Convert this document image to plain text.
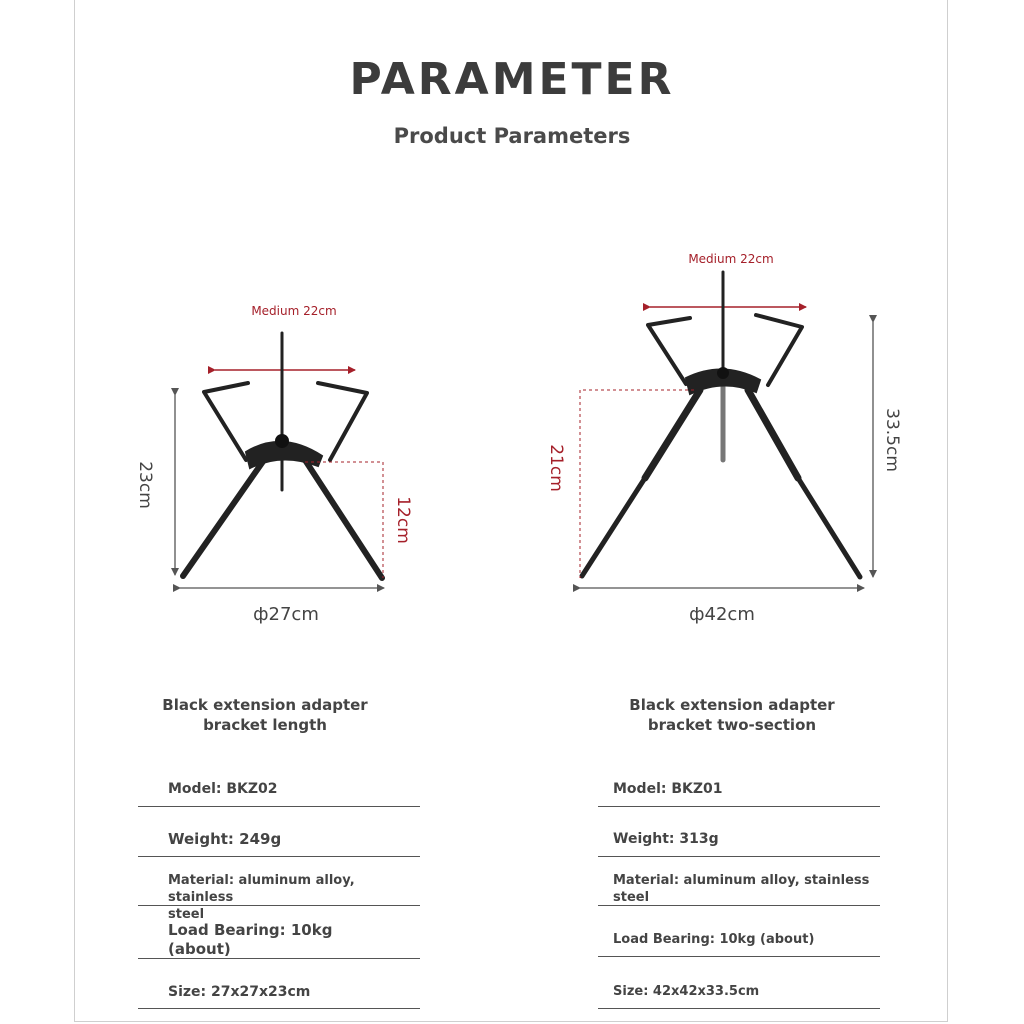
PARAMETER
Product Parameters
Medium 22cm
23cm
12cm
ф27cm
Medium 22cm
21cm	33.5cm
ф42cm
Black extension adapter
bracket length
Model: BKZ02
Weight: 249g
Material: aluminum alloy, stainless
steel
Load Bearing: 10kg
(about)
Size: 27x27x23cm
Black extension adapter
bracket two-section
Model: BKZ01
Weight: 313g
Material: aluminum alloy, stainless
steel
Load Bearing: 10kg (about)
Size: 42x42x33.5cm
